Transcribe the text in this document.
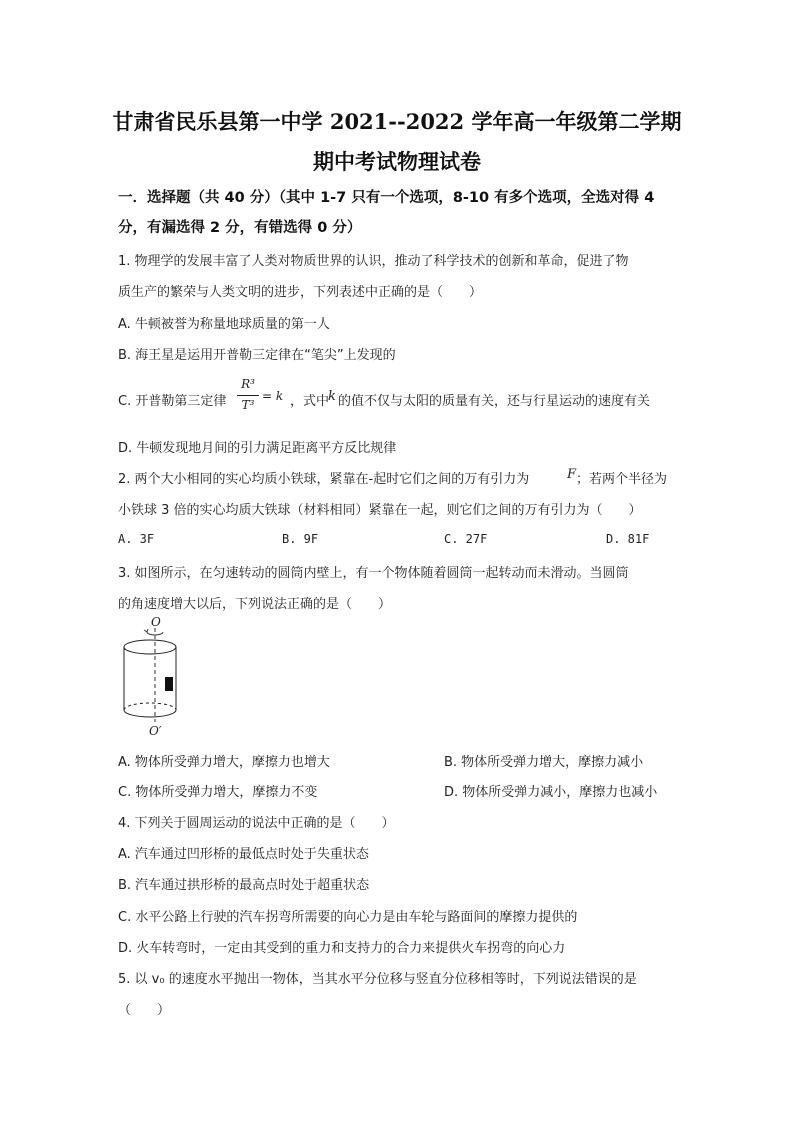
甘肃省民乐县第一中学 2021--2022 学年高一年级第二学期
期中考试物理试卷
一．选择题（共 40 分）（其中 1-7 只有一个选项，8-10 有多个选项，全选对得 4
分，有漏选得 2 分，有错选得 0 分）
1. 物理学的发展丰富了人类对物质世界的认识，推动了科学技术的创新和革命，促进了物
质生产的繁荣与人类文明的进步，下列表述中正确的是（　　）
A. 牛顿被誉为称量地球质量的第一人
B. 海王星是运用开普勒三定律在“笔尖”上发现的
C. 开普勒第三定律
R³
T³
= k ，式中
k 的值不仅与太阳的质量有关，还与行星运动的速度有关
D. 牛顿发现地月间的引力满足距离平方反比规律
2. 两个大小相同的实心均质小铁球，紧靠在-起时它们之间的万有引力为	F ；若两个半径为
小铁球 3 倍的实心均质大铁球（材料相同）紧靠在一起，则它们之间的万有引力为（　　）
A. 3F	B. 9F	C. 27F	D. 81F
3. 如图所示，在匀速转动的圆筒内壁上，有一个物体随着圆筒一起转动而未滑动。当圆筒
的角速度增大以后，下列说法正确的是（　　）
O
O′
A. 物体所受弹力增大，摩擦力也增大	B. 物体所受弹力增大，摩擦力减小
C. 物体所受弹力增大，摩擦力不变	D. 物体所受弹力减小，摩擦力也减小
4. 下列关于圆周运动的说法中正确的是（　　）
A. 汽车通过凹形桥的最低点时处于失重状态
B. 汽车通过拱形桥的最高点时处于超重状态
C. 水平公路上行驶的汽车拐弯所需要的向心力是由车轮与路面间的摩擦力提供的
D. 火车转弯时，一定由其受到的重力和支持力的合力来提供火车拐弯的向心力
5. 以 v₀ 的速度水平抛出一物体，当其水平分位移与竖直分位移相等时，下列说法错误的是
（　　）
